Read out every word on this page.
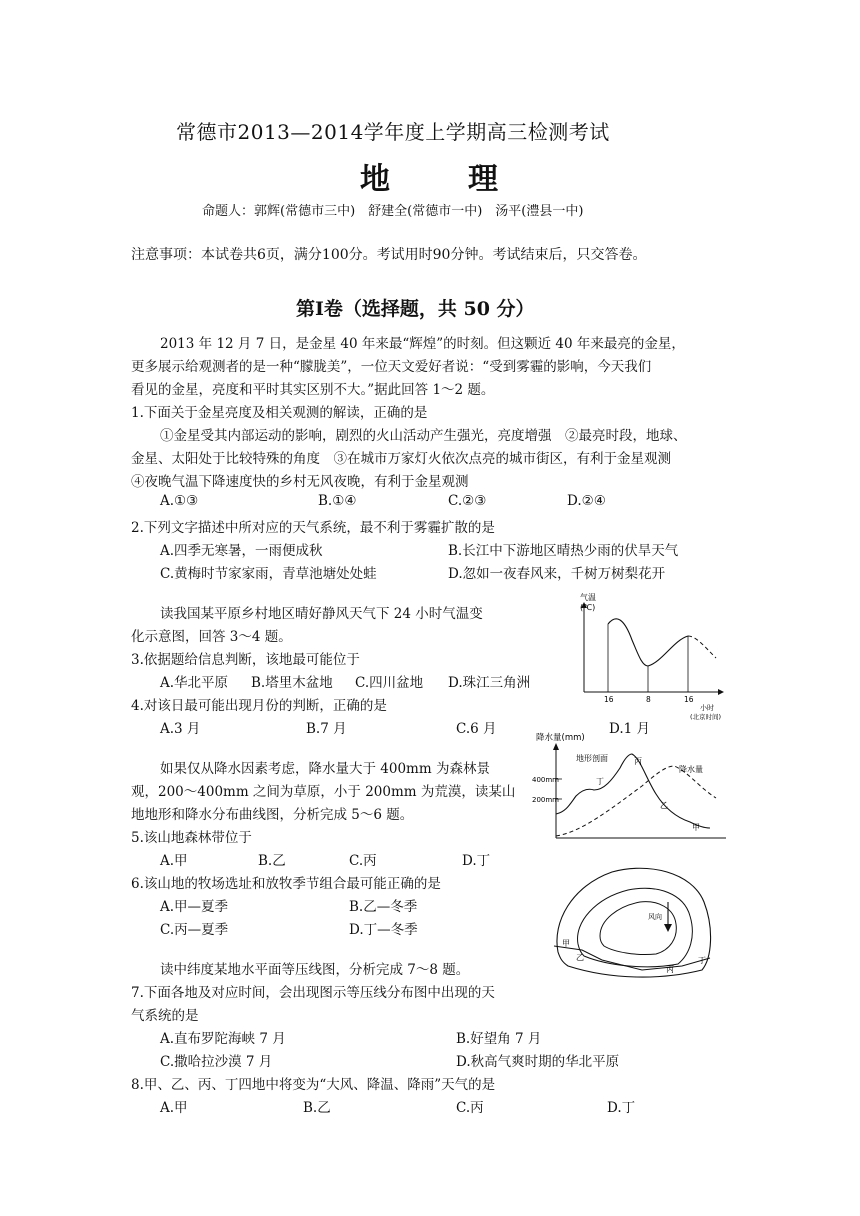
常德市2013—2014学年度上学期高三检测考试
地	理
命题人：郭辉(常德市三中)　舒建全(常德市一中)　汤平(澧县一中)
注意事项：本试卷共6页，满分100分。考试用时90分钟。考试结束后，只交答卷。
第Ⅰ卷（选择题，共 50 分）
2013 年 12 月 7 日，是金星 40 年来最“辉煌”的时刻。但这颗近 40 年来最亮的金星，
更多展示给观测者的是一种“朦胧美”，一位天文爱好者说：“受到雾霾的影响，今天我们
看见的金星，亮度和平时其实区别不大。”据此回答 1～2 题。
1.下面关于金星亮度及相关观测的解读，正确的是
①金星受其内部运动的影响，剧烈的火山活动产生强光，亮度增强　②最亮时段，地球、
金星、太阳处于比较特殊的角度　③在城市万家灯火依次点亮的城市街区，有利于金星观测
④夜晚气温下降速度快的乡村无风夜晚，有利于金星观测
A.①③	B.①④	C.②③	D.②④
2.下列文字描述中所对应的天气系统，最不利于雾霾扩散的是
A.四季无寒暑，一雨便成秋	B.长江中下游地区晴热少雨的伏旱天气
C.黄梅时节家家雨，青草池塘处处蛙	D.忽如一夜春风来，千树万树梨花开
读我国某平原乡村地区晴好静风天气下 24 小时气温变
化示意图，回答 3～4 题。
3.依据题给信息判断，该地最可能位于
A.华北平原 B.塔里木盆地 C.四川盆地 D.珠江三角洲
4.对该日最可能出现月份的判断，正确的是
A.3 月	B.7 月	C.6 月	D.1 月
如果仅从降水因素考虑，降水量大于 400mm 为森林景
观，200～400mm 之间为草原，小于 200mm 为荒漠，读某山
地地形和降水分布曲线图，分析完成 5～6 题。
5.该山地森林带位于
A.甲	B.乙	C.丙	D.丁
6.该山地的牧场选址和放牧季节组合最可能正确的是
A.甲—夏季	B.乙—冬季
C.丙—夏季	D.丁—冬季
读中纬度某地水平面等压线图，分析完成 7～8 题。
7.下面各地及对应时间，会出现图示等压线分布图中出现的天
气系统的是
A.直布罗陀海峡 7 月	B.好望角 7 月
C.撒哈拉沙漠 7 月	D.秋高气爽时期的华北平原
8.甲、乙、丙、丁四地中将变为“大风、降温、降雨”天气的是
A.甲	B.乙	C.丙	D.丁
气温
(℃)
16	8	16
小时
(北京时间)
降水量(mm)
400mm
200mm
地形剖面
降水量
丙
丁
乙
甲
风向
甲
乙
丙
丁
